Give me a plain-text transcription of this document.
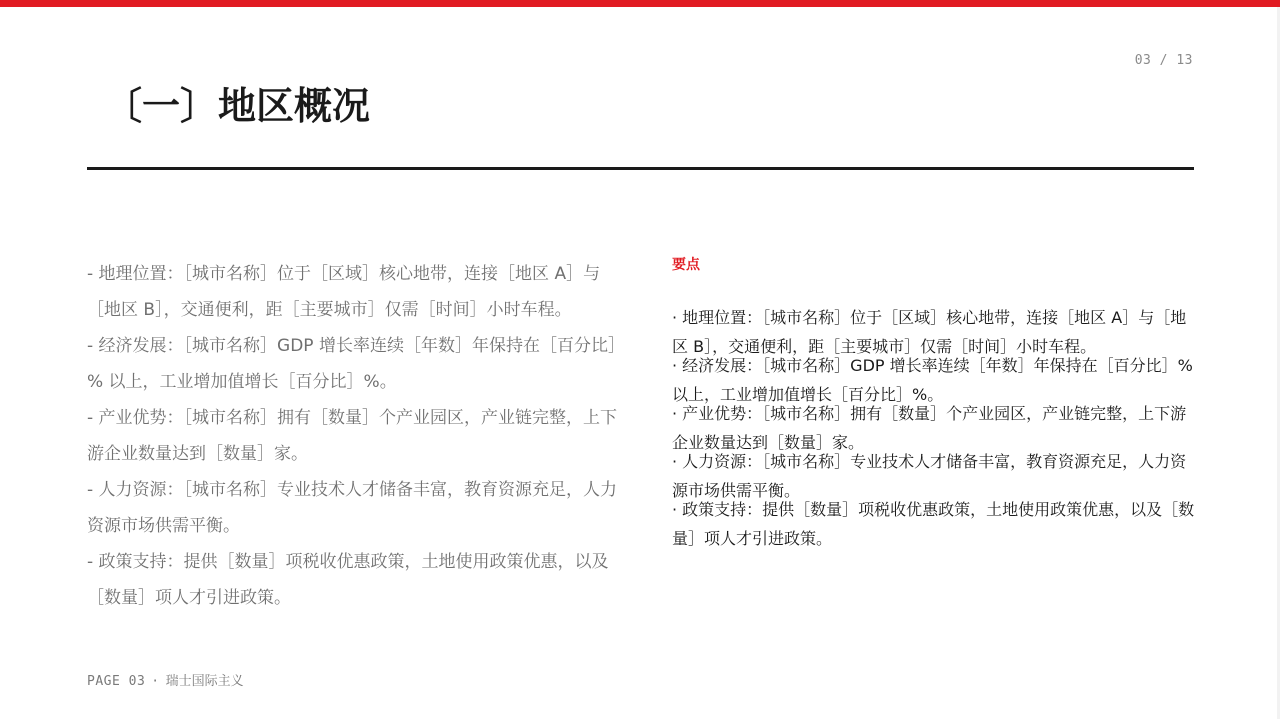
03 / 13
〔一〕地区概况

- 地理位置：［城市名称］位于［区域］核心地带，连接［地区 A］与［地区 B］，交通便利，距［主要城市］仅需［时间］小时车程。

- 经济发展：［城市名称］GDP 增长率连续［年数］年保持在［百分比］% 以上，工业增加值增长［百分比］%。

- 产业优势：［城市名称］拥有［数量］个产业园区，产业链完整，上下游企业数量达到［数量］家。

- 人力资源：［城市名称］专业技术人才储备丰富，教育资源充足，人力资源市场供需平衡。

- 政策支持：提供［数量］项税收优惠政策，土地使用政策优惠，以及［数量］项人才引进政策。

要点
· 地理位置：［城市名称］位于［区域］核心地带，连接［地区 A］与［地区 B］，交通便利，距［主要城市］仅需［时间］小时车程。
· 经济发展：［城市名称］GDP 增长率连续［年数］年保持在［百分比］% 以上，工业增加值增长［百分比］%。
· 产业优势：［城市名称］拥有［数量］个产业园区，产业链完整，上下游企业数量达到［数量］家。
· 人力资源：［城市名称］专业技术人才储备丰富，教育资源充足，人力资源市场供需平衡。
· 政策支持：提供［数量］项税收优惠政策，土地使用政策优惠，以及［数量］项人才引进政策。
PAGE 03 · 瑞士国际主义
